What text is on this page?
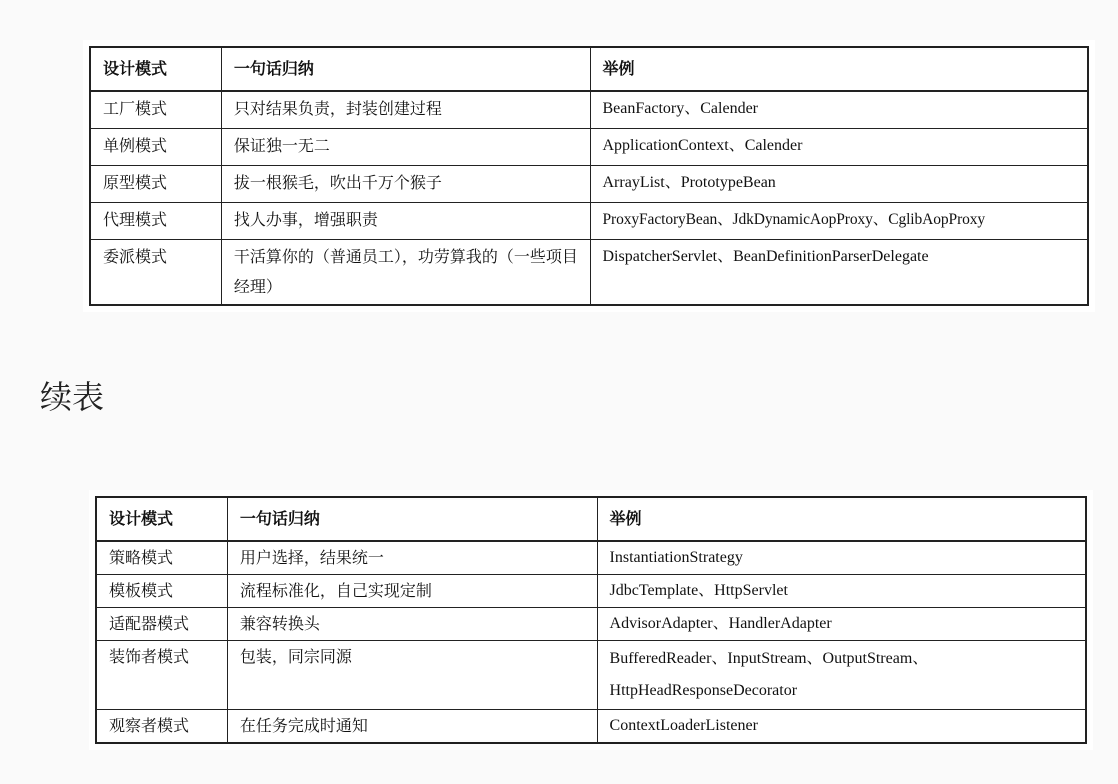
设计模式	一句话归纳	举例
工厂模式	只对结果负责，封装创建过程	BeanFactory、Calender
单例模式	保证独一无二	ApplicationContext、Calender
原型模式	拔一根猴毛，吹出千万个猴子	ArrayList、PrototypeBean
代理模式	找人办事，增强职责	ProxyFactoryBean、JdkDynamicAopProxy、CglibAopProxy
委派模式	干活算你的（普通员工），功劳算我的（一些项目经理）	DispatcherServlet、BeanDefinitionParserDelegate
续表
设计模式	一句话归纳	举例
策略模式	用户选择，结果统一	InstantiationStrategy
模板模式	流程标准化，自己实现定制	JdbcTemplate、HttpServlet
适配器模式	兼容转换头	AdvisorAdapter、HandlerAdapter
装饰者模式	包装，同宗同源	BufferedReader、InputStream、OutputStream、HttpHeadResponseDecorator
观察者模式	在任务完成时通知	ContextLoaderListener
